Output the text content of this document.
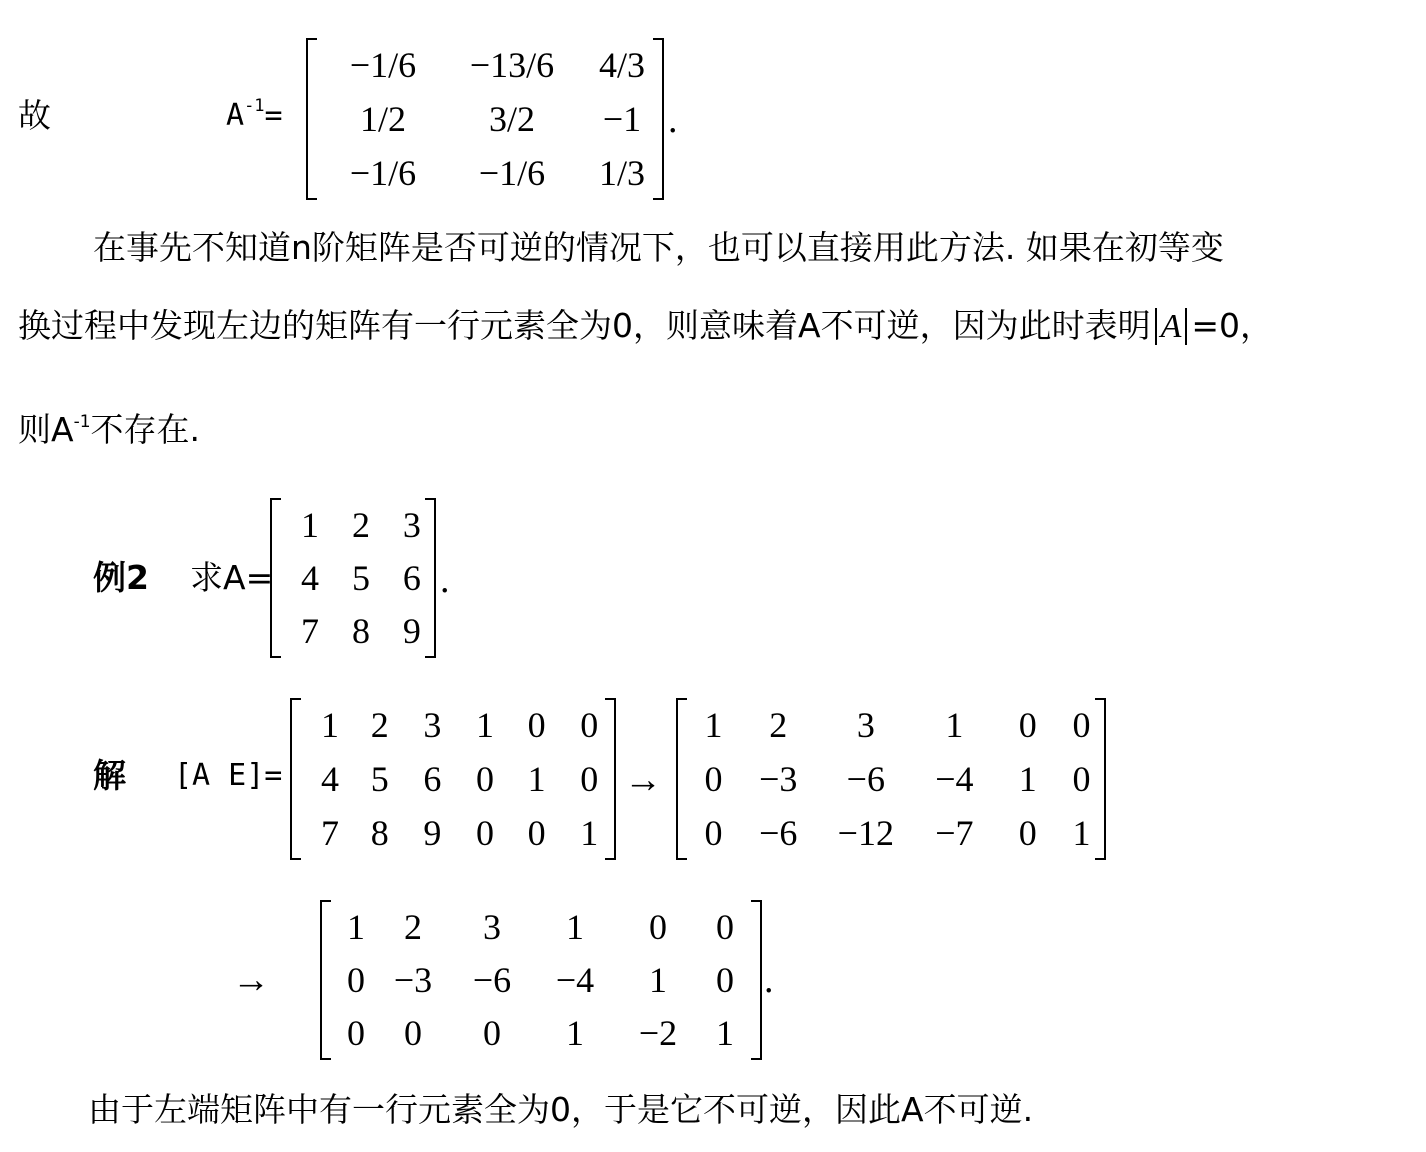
故	$A^{-1}=$
−1/6	−13/6	4/3
1/2	3/2	−1
−1/6	−1/6	1/3
.
在事先不知道n阶矩阵是否可逆的情况下，也可以直接用此方法. 如果在初等变
换过程中发现左边的矩阵有一行元素全为0，则意味着A不可逆，因为此时表明 A =0，
则$A^{-1}$不存在.
例2 求A=
1	2	3
4	5	6
7	8	9
.
解 [A E]=
1	2	3	1	0	0
4	5	6	0	1	0
7	8	9	0	0	1
→
1	2	3	1	0	0
0	−3	−6	−4	1	0
0	−6	−12	−7	0	1
→
1	2	3	1	0	0
0	−3	−6	−4	1	0
0	0	0	1	−2	1
.
由于左端矩阵中有一行元素全为0，于是它不可逆，因此A不可逆.
